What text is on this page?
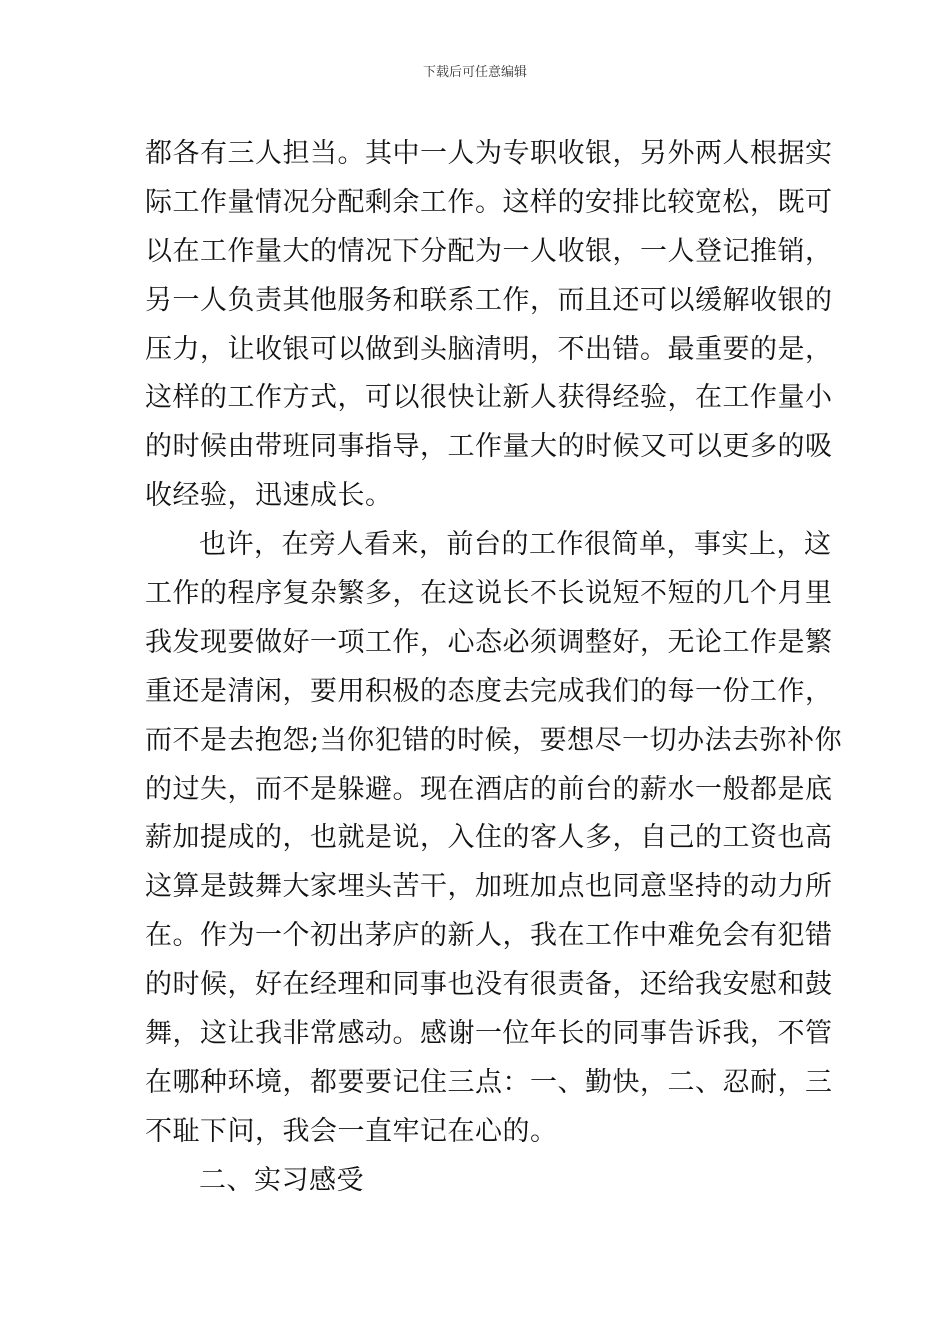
下载后可任意编辑
都各有三人担当。其中一人为专职收银，另外两人根据实
际工作量情况分配剩余工作。这样的安排比较宽松，既可
以在工作量大的情况下分配为一人收银，一人登记推销，
另一人负责其他服务和联系工作，而且还可以缓解收银的
压力，让收银可以做到头脑清明，不出错。最重要的是，
这样的工作方式，可以很快让新人获得经验，在工作量小
的时候由带班同事指导，工作量大的时候又可以更多的吸
收经验，迅速成长。
也许，在旁人看来，前台的工作很简单，事实上，这
工作的程序复杂繁多，在这说长不长说短不短的几个月里
我发现要做好一项工作，心态必须调整好，无论工作是繁
重还是清闲，要用积极的态度去完成我们的每一份工作，
而不是去抱怨;当你犯错的时候，要想尽一切办法去弥补你
的过失，而不是躲避。现在酒店的前台的薪水一般都是底
薪加提成的，也就是说，入住的客人多，自己的工资也高
这算是鼓舞大家埋头苦干，加班加点也同意坚持的动力所
在。作为一个初出茅庐的新人，我在工作中难免会有犯错
的时候，好在经理和同事也没有很责备，还给我安慰和鼓
舞，这让我非常感动。感谢一位年长的同事告诉我，不管
在哪种环境，都要要记住三点：一、勤快，二、忍耐，三
不耻下问，我会一直牢记在心的。
二、实习感受
